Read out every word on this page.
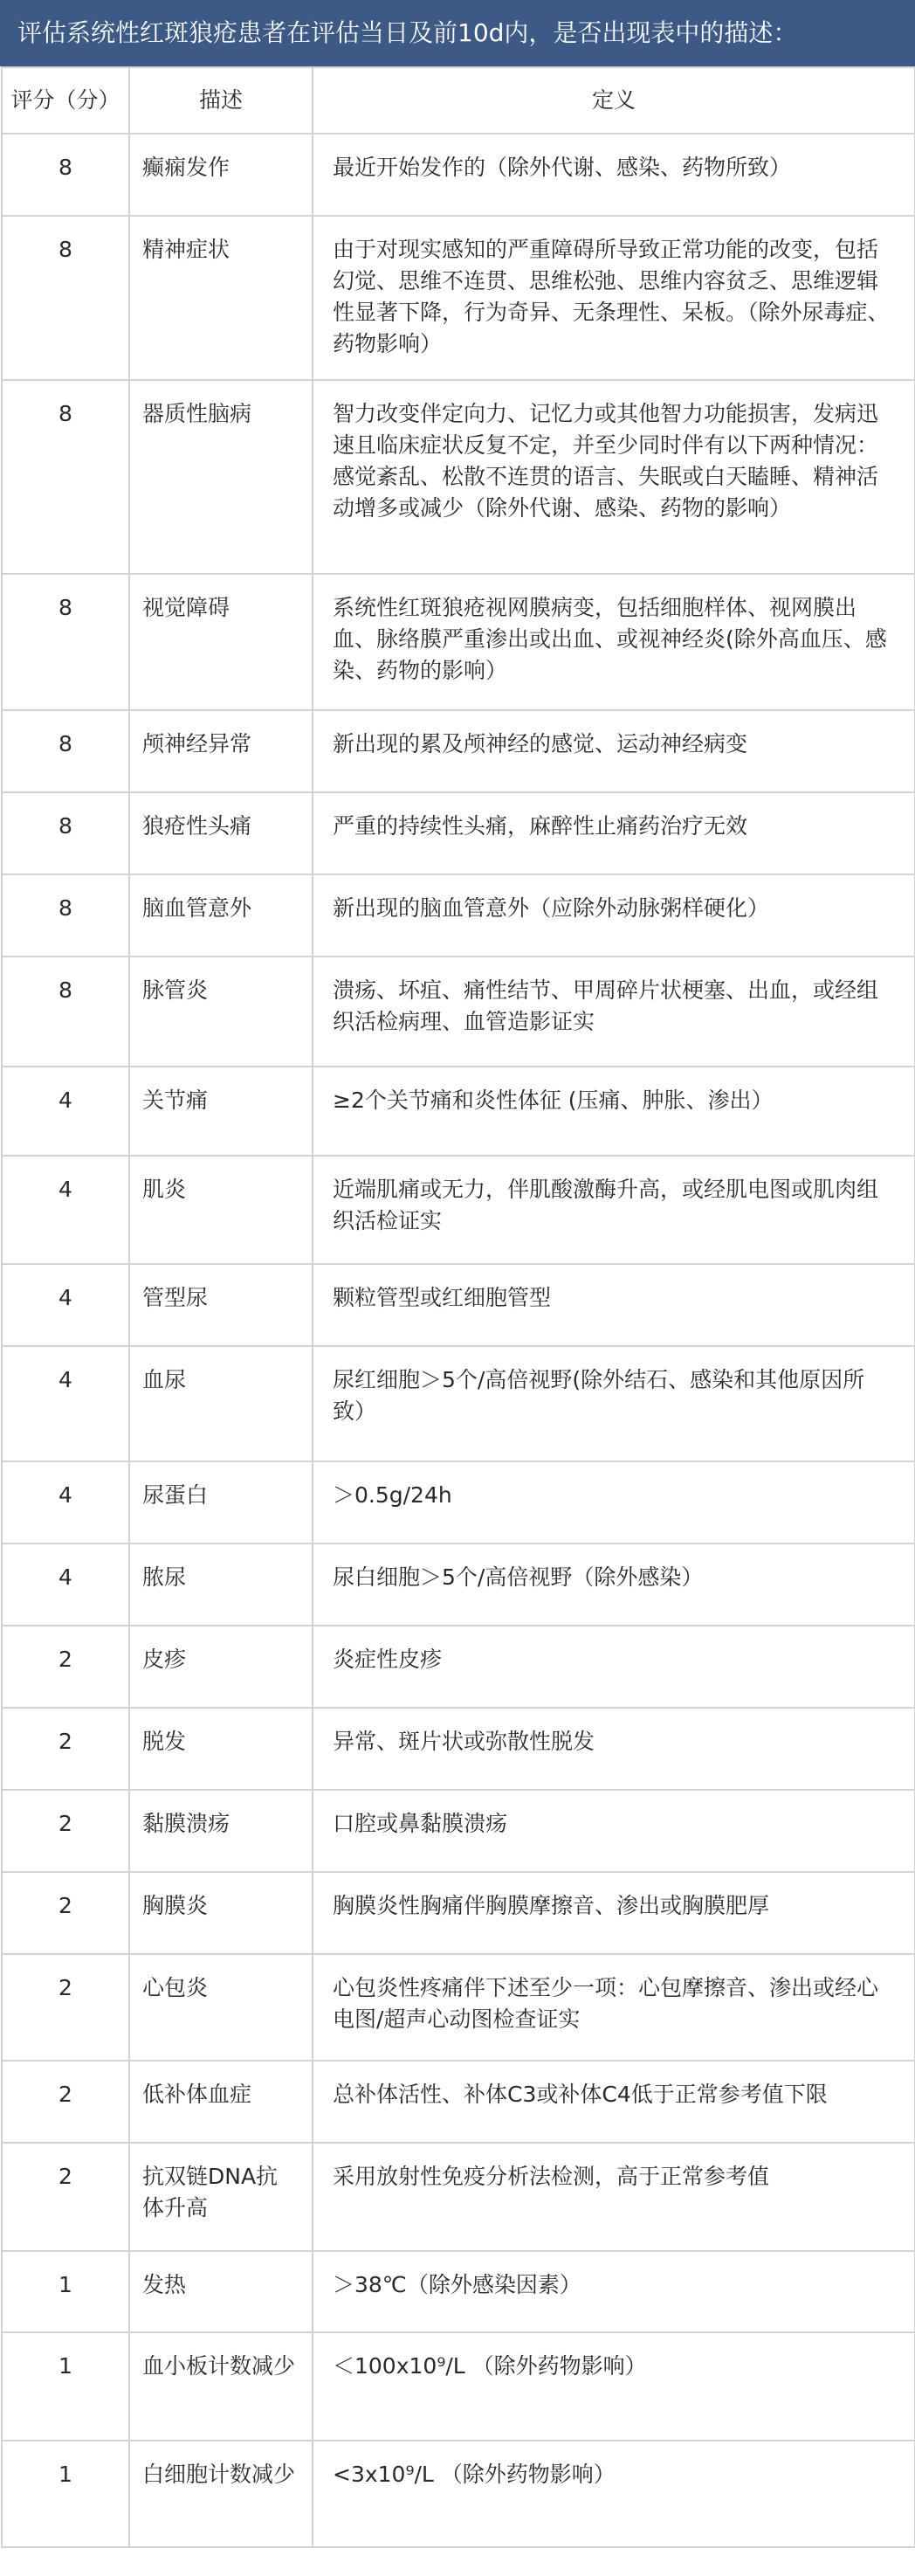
评估系统性红斑狼疮患者在评估当日及前10d内，是否出现表中的描述：
评分（分）	描述	定义
8	癫痫发作	最近开始发作的（除外代谢、感染、药物所致）
8	精神症状	由于对现实感知的严重障碍所导致正常功能的改变，包括幻觉、思维不连贯、思维松弛、思维内容贫乏、思维逻辑性显著下降，行为奇异、无条理性、呆板。（除外尿毒症、药物影响）
8	器质性脑病	智力改变伴定向力、记忆力或其他智力功能损害，发病迅速且临床症状反复不定，并至少同时伴有以下两种情况：感觉紊乱、松散不连贯的语言、失眠或白天瞌睡、精神活动增多或减少（除外代谢、感染、药物的影响）
8	视觉障碍	系统性红斑狼疮视网膜病变，包括细胞样体、视网膜出血、脉络膜严重渗出或出血、或视神经炎(除外高血压、感染、药物的影响）
8	颅神经异常	新出现的累及颅神经的感觉、运动神经病变
8	狼疮性头痛	严重的持续性头痛，麻醉性止痛药治疗无效
8	脑血管意外	新出现的脑血管意外（应除外动脉粥样硬化）
8	脉管炎	溃疡、坏疽、痛性结节、甲周碎片状梗塞、出血，或经组织活检病理、血管造影证实
4	关节痛	≥2个关节痛和炎性体征 (压痛、肿胀、渗出）
4	肌炎	近端肌痛或无力，伴肌酸激酶升高，或经肌电图或肌肉组织活检证实
4	管型尿	颗粒管型或红细胞管型
4	血尿	尿红细胞＞5个/高倍视野(除外结石、感染和其他原因所致）
4	尿蛋白	＞0.5g/24h
4	脓尿	尿白细胞＞5个/高倍视野（除外感染）
2	皮疹	炎症性皮疹
2	脱发	异常、斑片状或弥散性脱发
2	黏膜溃疡	口腔或鼻黏膜溃疡
2	胸膜炎	胸膜炎性胸痛伴胸膜摩擦音、渗出或胸膜肥厚
2	心包炎	心包炎性疼痛伴下述至少一项：心包摩擦音、渗出或经心电图/超声心动图检查证实
2	低补体血症	总补体活性、补体C3或补体C4低于正常参考值下限
2	抗双链DNA抗体升高	采用放射性免疫分析法检测，高于正常参考值
1	发热	＞38℃（除外感染因素）
1	血小板计数减少	＜100x10⁹/L （除外药物影响）
1	白细胞计数减少	<3x10⁹/L （除外药物影响）
